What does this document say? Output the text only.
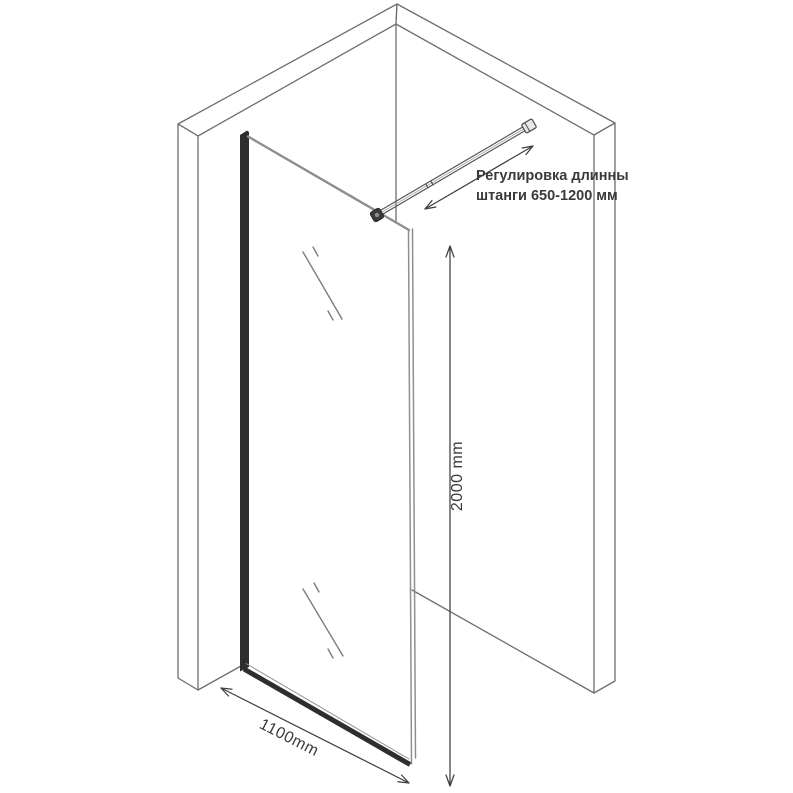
Регулировка длинны
штанги 650-1200 мм
2000 mm
1100mm
